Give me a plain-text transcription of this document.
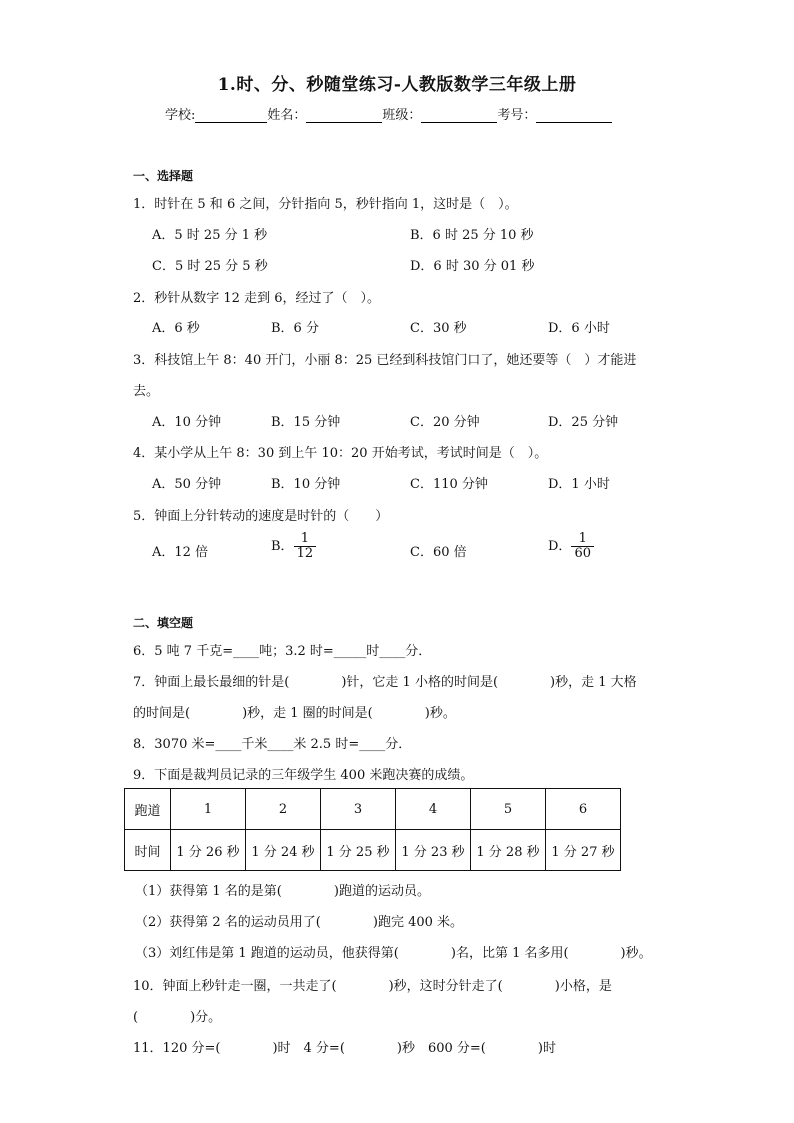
1.时、分、秒随堂练习-人教版数学三年级上册
学校:	姓名：	班级：	考号：
一、选择题
1．时针在 5 和 6 之间，分针指向 5，秒针指向 1，这时是（　）。
A．5 时 25 分 1 秒	B．6 时 25 分 10 秒
C．5 时 25 分 5 秒	D．6 时 30 分 01 秒
2．秒针从数字 12 走到 6，经过了（　）。
A．6 秒	B．6 分	C．30 秒	D．6 小时
3．科技馆上午 8：40 开门，小丽 8：25 已经到科技馆门口了，她还要等（　）才能进
去。
A．10 分钟	B．15 分钟	C．20 分钟	D．25 分钟
4．某小学从上午 8：30 到上午 10：20 开始考试，考试时间是（　）。
A．50 分钟	B．10 分钟	C．110 分钟	D．1 小时
5．钟面上分针转动的速度是时针的（　　）
A．12 倍	B． $\frac{1}{12}$	C．60 倍	D． $\frac{1}{60}$
二、填空题
6．5 吨 7 千克=____吨；3.2 时=_____时____分．
7．钟面上最长最细的针是(　　　　)针，它走 1 小格的时间是(　　　　)秒，走 1 大格
的时间是(　　　　)秒，走 1 圈的时间是(　　　　)秒。
8．3070 米=____千米____米 2.5 时=____分．
9．下面是裁判员记录的三年级学生 400 米跑决赛的成绩。
跑道	1	2	3	4	5	6
时间	1 分 26 秒	1 分 24 秒	1 分 25 秒	1 分 23 秒	1 分 28 秒	1 分 27 秒
（1）获得第 1 名的是第(　　　　)跑道的运动员。
（2）获得第 2 名的运动员用了(　　　　)跑完 400 米。
（3）刘红伟是第 1 跑道的运动员，他获得第(　　　　)名，比第 1 名多用(　　　　)秒。
10．钟面上秒针走一圈，一共走了(　　　　)秒，这时分针走了(　　　　)小格，是
(　　　　)分。
11．120 分=(　　　　)时　4 分=(　　　　)秒　600 分=(　　　　)时
